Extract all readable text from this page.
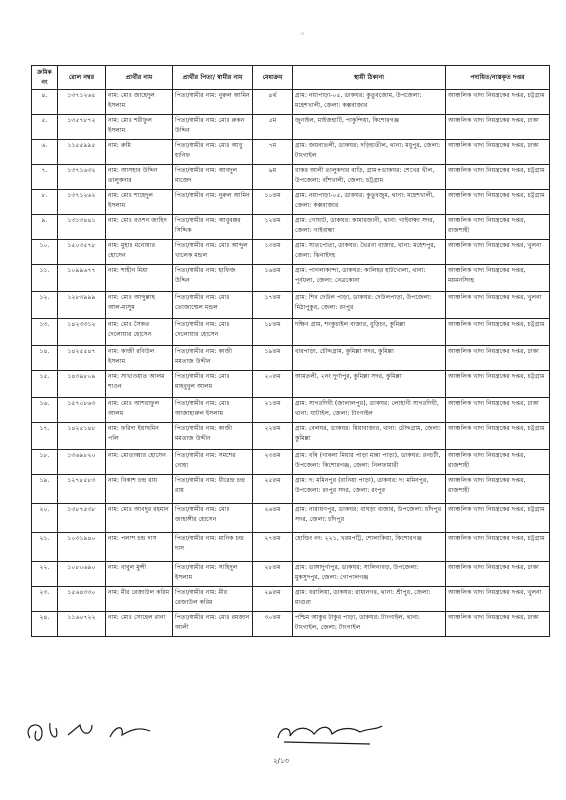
◦
ক্রমিক নং	রোল নম্বর	প্রার্থীর নাম	প্রার্থীর পিতা/ স্বামীর নাম	মেধাক্রম	স্থায়ী ঠিকানা	পদায়িত/ন্যস্তকৃত দপ্তর
৪.	১৩৭১২৬৫	নাম: মোঃ জাহেদুল ইসলাম	পিতা/স্বামীর নাম: নুরুল আমিন	৪র্থ	গ্রাম: নয়াপাড়া-০৫, ডাকঘর: কুতুবজোম, উপজেলা: মহেশখালী, জেলা: কক্সবাজার	আঞ্চলিক খাদ্য নিয়ন্ত্রকের দপ্তর, চট্টগ্রাম
৫.	১৩৫৭৮৭২	নাম: মোঃ শরীফুল ইসলাম	পিতা/স্বামীর নাম: মোঃ রুকন উদ্দিন	৫ম	জুনাইল, মাইজহাটি, পাকুন্দিয়া, কিশোরগঞ্জ	আঞ্চলিক খাদ্য নিয়ন্ত্রকের দপ্তর, ঢাকা
৬.	১১৫৫৯৯৫	নাম: রুমি	পিতা/স্বামীর নাম: মোঃ আবু হানিফ	৭ম	গ্রাম: জয়নাতলী, ডাকঘর: দড়িহাতীল, থানা: মধুপুর, জেলা: টাংগাইল	আঞ্চলিক খাদ্য নিয়ন্ত্রকের দপ্তর, ঢাকা
৭.	১৩৭১৬৩২	নাম: আসহাব উদ্দিন তালুকদার	পিতা/স্বামীর নাম: আবদুল মাজেদ	৯ম	বাকর আলী তালুকদার বাড়ি, গ্রাম+ডাকঘর: শেখের খীল, উপজেলা: বাঁশখালী, জেলা: চট্টগ্রাম	আঞ্চলিক খাদ্য নিয়ন্ত্রকের দপ্তর, চট্টগ্রাম
৮.	১৩৭১২৬২	নাম: মোঃ শাহেদুল ইসলাম	পিতা/স্বামীর নাম: নুরুল আমিন	১০তম	গ্রাম: নয়াপাড়া-০৫, ডাকঘর: কুতুবজুম, থানা: মহেশখালী, জেলা: কক্সবাজার	আঞ্চলিক খাদ্য নিয়ন্ত্রকের দপ্তর, চট্টগ্রাম
৯.	১৩১৩৪৪১	নাম: মোঃ রওশন জাহিদ	পিতা/স্বামীর নাম: আবুবক্কর সিদ্দিক	১২তম	গ্রাম: গোঘাট, ডাকঘর: কামারজানী, থানা: গাইবান্ধা সদর, জেলা: গাইবান্ধা	আঞ্চলিক খাদ্য নিয়ন্ত্রকের দপ্তর, রাজশাহী
১০.	১৫০৩৫৭৮	নাম: মুহাঃ মনোয়ার হোসেন	পিতা/স্বামীর নাম: মোঃ আব্দুল খালেক মন্ডল	১৩তম	গ্রাম: সাতপোতা, ডাকঘর: ভৈরবা বাজার, থানা: মহেশপুর, জেলা: ঝিনাইদহ	আঞ্চলিক খাদ্য নিয়ন্ত্রকের দপ্তর, খুলনা
১১.	১০৯৯৬৭৭	নাম: শাহীন মিয়া	পিতা/স্বামীর নাম: হাফিজ উদ্দিন	১৬তম	গ্রাম: পাগলাকান্দা, ডাকঘর: কালিহর হাটখোলা, থানা: পূর্বধলা, জেলা: নেত্রকোনা	আঞ্চলিক খাদ্য নিয়ন্ত্রকের দপ্তর, ময়মনসিংহ
১২.	১২৮৩৯৯৯	নাম: মোঃ আব্দুল্লাহ আল-মাসুম	পিতা/স্বামীর নাম: মোঃ তোজাম্মেল মন্ডল	১৭তম	গ্রাম: শিব দেউল পাড়া, ডাকঘর: দেউলপাড়া, উপজেলা: মিঠাপুকুর, জেলা: রংপুর	আঞ্চলিক খাদ্য নিয়ন্ত্রকের দপ্তর, খুলনা
১৩.	১৪২৩৩১২	নাম: মোঃ সৈকত দেলোয়ার হোসেন	পিতা/স্বামীর নাম: মোঃ দেলোয়ার হোসেন	১৮তম	দক্ষিণ গ্রাম, শংকুচাইল বাজার, বুড়িচং, কুমিল্লা	আঞ্চলিক খাদ্য নিয়ন্ত্রকের দপ্তর, চট্টগ্রাম
১৪.	১৪২৫৫৪৭	নাম: কাজী রবিউল ইসলাম	পিতা/স্বামীর নাম: কাজী মমতাজ উদ্দীন	১৯তম	বারপাড়া, চৌদ্দগ্রাম, কুমিল্লা সদর, কুমিল্লা	আঞ্চলিক খাদ্য নিয়ন্ত্রকের দপ্তর, ঢাকা
১৫.	১৪৩৯৮০৯	নাম: সাখাওয়াত আলম শাওন	পিতা/স্বামীর নাম: মোঃ মাহবুবুল আলম	২০তম	আমতলী, ২নং দুর্গাপুর, কুমিল্লা সদর, কুমিল্লা	আঞ্চলিক খাদ্য নিয়ন্ত্রকের দপ্তর, চট্টগ্রাম
১৬.	১৫৭০৮৬৩	নাম: মোঃ আশরাফুল আলম	পিতা/স্বামীর নাম: মোঃ আজাহারুল ইসলাম	২১তম	গ্রাম: সাগরদিঘী (জালালপুর), ডাকঘর: লোহানী সাগরদিঘী, থানা: ঘাটাইল, জেলা: টাংগাইল	আঞ্চলিক খাদ্য নিয়ন্ত্রকের দপ্তর, ঢাকা
১৭.	১৪২৫১৪৮	নাম: ফরিদা ইয়াছমিন পলি	পিতা/স্বামীর নাম: কাজী মমতাজ উদ্দীন	২২তম	গ্রাম: বেলঘর, ডাকঘর: মিয়াবাজার, থানা: চৌদ্দগ্রাম, জেলা: কুমিল্লা	আঞ্চলিক খাদ্য নিয়ন্ত্রকের দপ্তর, চট্টগ্রাম
১৮.	১৩৬৯৮২০	নাম: মোতাব্বার হোসেন	পিতা/স্বামীর নাম: সমশের নোহা	২৩তম	গ্রাম: বৰি (গাৰলা মিয়ার পাড়া মান্না পাড়া), ডাকঘর: রনচটী, উপজেলা: কিশোরগঞ্জ, জেলা: নিলফামারী	আঞ্চলিক খাদ্য নিয়ন্ত্রকের দপ্তর, রাজশাহী
১৯.	১২৭৮৫৮৩	নাম: বিকাশ চন্দ্র রায়	পিতা/স্বামীর নাম: ধীরেন্দ্র চন্দ্র রায়	২৫তম	গ্রাম: দ: মমিনপুর (বানিয়া পাড়া), ডাকঘর: দ: মমিনপুর, উপজেলা: রংপুর সদর, জেলা: রংপুর	আঞ্চলিক খাদ্য নিয়ন্ত্রকের দপ্তর, রাজশাহী
২০.	১৩৮৭৫৩৮	নাম: মোঃ আবদুর রহমান	পিতা/স্বামীর নাম: মোঃ জাহাঙ্গীর হোসেন	২৬তম	গ্রাম: নারায়ণপুর, ডাকঘর: বাঘড়া বাজার, উপজেলা: চাঁদপুর সদর, জেলা: চাঁদপুর	আঞ্চলিক খাদ্য নিয়ন্ত্রকের দপ্তর, চট্টগ্রাম
২১.	১০৩১৯৪০	নাম: পলাশ চন্দ্র দাস	পিতা/স্বামীর নাম: মানিক চন্দ্র দাস	২৭তম	হোল্ডিং নং: ২২১, খরমপট্টি, শোলাকিয়া, কিশোরগঞ্জ	আঞ্চলিক খাদ্য নিয়ন্ত্রকের দপ্তর, চট্টগ্রাম
২২.	১০৮০৬৯০	নাম: বাবুল মুন্সী	পিতা/স্বামীর নাম: সাহিদুল ইসলাম	২৮তম	গ্রাম: ডাঙ্গাদুর্গাপুর, ডাকঘর: সালিনাবড়, উপজেলা: মুকসুদপুর, জেলা: গোপালগঞ্জ	আঞ্চলিক খাদ্য নিয়ন্ত্রকের দপ্তর, ঢাকা
২৩.	১৫৬৪৩৩০	নাম: মীর রেজাউল করিম	পিতা/স্বামীর নাম: মীর রেজাউল করিম	২৯তম	গ্রাম: বরালিয়া, ডাকঘর: রাধানগর, থানা: শ্রীপুর, জেলা: মাগুরা	আঞ্চলিক খাদ্য নিয়ন্ত্রকের দপ্তর, খুলনা
২৪.	১১৬০৭২২	নাম: মোঃ সোহেল রানা	পিতা/স্বামীর নাম: মোঃ রমজান আলী	৩০তম	পশ্চিম আকুর টাকুর পাড়া, ডাকঘর: টাংগাইল, থানা: টাংগাইল, জেলা: টাংগাইল	আঞ্চলিক খাদ্য নিয়ন্ত্রকের দপ্তর, ঢাকা
২/১৩
